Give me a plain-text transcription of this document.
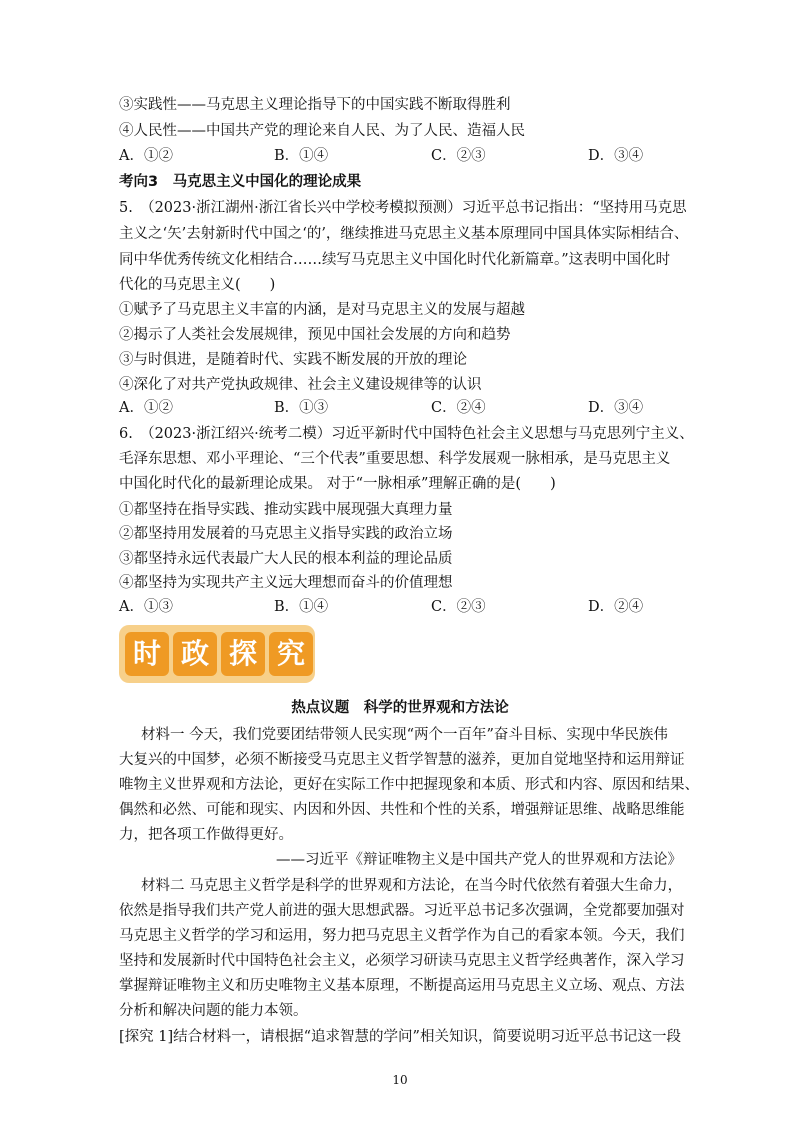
③实践性——马克思主义理论指导下的中国实践不断取得胜利
④人民性——中国共产党的理论来自人民、为了人民、造福人民
A．①②	B．①④	C．②③	D．③④
考向3　马克思主义中国化的理论成果
5.　（2023·浙江湖州·浙江省长兴中学校考模拟预测）习近平总书记指出：“坚持用马克思
主义之‘矢’去射新时代中国之‘的’，继续推进马克思主义基本原理同中国具体实际相结合、
同中华优秀传统文化相结合……续写马克思主义中国化时代化新篇章。”这表明中国化时
代化的马克思主义(　　)
①赋予了马克思主义丰富的内涵，是对马克思主义的发展与超越
②揭示了人类社会发展规律，预见中国社会发展的方向和趋势
③与时俱进，是随着时代、实践不断发展的开放的理论
④深化了对共产党执政规律、社会主义建设规律等的认识
A．①②	B．①③	C．②④	D．③④
6.　（2023·浙江绍兴·统考二模）习近平新时代中国特色社会主义思想与马克思列宁主义、
毛泽东思想、邓小平理论、“三个代表”重要思想、科学发展观一脉相承，是马克思主义
中国化时代化的最新理论成果。 对于“一脉相承”理解正确的是(　　)
①都坚持在指导实践、推动实践中展现强大真理力量
②都坚持用发展着的马克思主义指导实践的政治立场
③都坚持永远代表最广大人民的根本利益的理论品质
④都坚持为实现共产主义远大理想而奋斗的价值理想
A．①③	B．①④	C．②③	D．②④
时 政 探 究
热点议题　科学的世界观和方法论
材料一 今天，我们党要团结带领人民实现“两个一百年”奋斗目标、实现中华民族伟
大复兴的中国梦，必须不断接受马克思主义哲学智慧的滋养，更加自觉地坚持和运用辩证
唯物主义世界观和方法论，更好在实际工作中把握现象和本质、形式和内容、原因和结果、
偶然和必然、可能和现实、内因和外因、共性和个性的关系，增强辩证思维、战略思维能
力，把各项工作做得更好。
——习近平《辩证唯物主义是中国共产党人的世界观和方法论》
材料二 马克思主义哲学是科学的世界观和方法论，在当今时代依然有着强大生命力，
依然是指导我们共产党人前进的强大思想武器。习近平总书记多次强调，全党都要加强对
马克思主义哲学的学习和运用，努力把马克思主义哲学作为自己的看家本领。今天，我们
坚持和发展新时代中国特色社会主义，必须学习研读马克思主义哲学经典著作，深入学习
掌握辩证唯物主义和历史唯物主义基本原理，不断提高运用马克思主义立场、观点、方法
分析和解决问题的能力本领。
[探究 1]结合材料一，请根据“追求智慧的学问”相关知识，简要说明习近平总书记这一段
10
